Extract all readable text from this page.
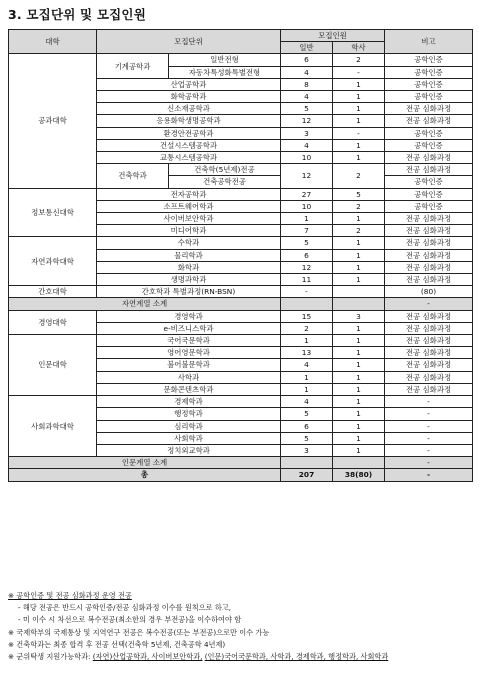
3. 모집단위 및 모집인원
대학	모집단위		모집인원		비고
			일반	학사	
공과대학	기계공학과	일반전형	6	2	공학인증
		자동차특성화특별전형	4	-	공학인증
	산업공학과		8	1	공학인증
	화학공학과		4	1	공학인증
	신소재공학과		5	1	전공 심화과정
	응용화학생명공학과		12	1	전공 심화과정
	환경안전공학과		3	-	공학인증
	건설시스템공학과		4	1	공학인증
	교통시스템공학과		10	1	전공 심화과정
	건축학과	건축학(5년제)전공	12	2	전공 심화과정
		건축공학전공			공학인증
정보통신대학	전자공학과		27	5	공학인증
	소프트웨어학과		10	2	공학인증
	사이버보안학과		1	1	전공 심화과정
	미디어학과		7	2	전공 심화과정
자연과학대학	수학과		5	1	전공 심화과정
	물리학과		6	1	전공 심화과정
	화학과		12	1	전공 심화과정
	생명과학과		11	1	전공 심화과정
간호대학	간호학과 특별과정(RN-BSN)		-		(80)
자연계열 소계					-
경영대학	경영학과		15	3	전공 심화과정
	e-비즈니스학과		2	1	전공 심화과정
인문대학	국어국문학과		1	1	전공 심화과정
	영어영문학과		13	1	전공 심화과정
	불어불문학과		4	1	전공 심화과정
	사학과		1	1	전공 심화과정
	문화콘텐츠학과		1	1	전공 심화과정
사회과학대학	경제학과		4	1	-
	행정학과		5	1	-
	심리학과		6	1	-
	사회학과		5	1	-
	정치외교학과		3	1	-
인문계열 소계					-
총			207	38(80)	-
※ 공학인증 및 전공 심화과정 운영 전공
- 해당 전공은 반드시 공학인증/전공 심화과정 이수를 원칙으로 하고,
- 미 이수 시 차선으로 복수전공(최소한의 경우 부전공)을 이수하여야 함
※ 국제학부의 국제통상 및 지역연구 전공은 복수전공(또는 부전공)으로만 이수 가능
※ 건축학과는 최종 합격 후 전공 선택(건축학 5년제, 건축공학 4년제)
※ 군위탁생 지원가능학과: (자연)산업공학과, 사이버보안학과, (인문)국어국문학과, 사학과, 경제학과, 행정학과, 사회학과
